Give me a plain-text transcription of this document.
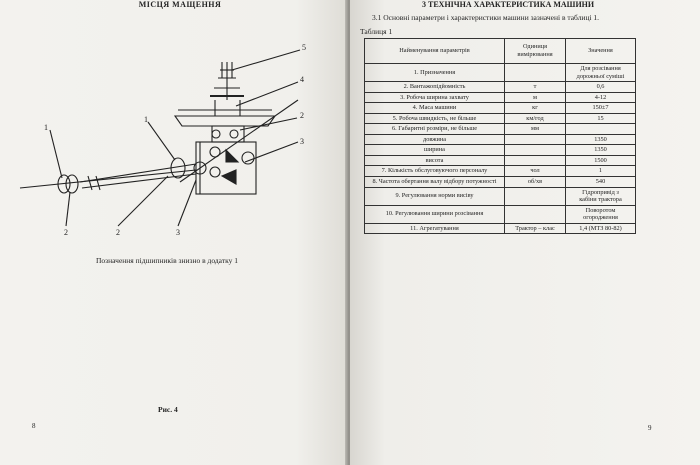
МІСЦЯ МАЩЕННЯ
5
4
2
3
1
1
2	2	3
Позначення підшипників знизно в додатку 1
Рис. 4
8
3 ТЕХНІЧНА ХАРАКТЕРИСТИКА МАШИНИ
3.1 Основні параметри і характеристики машини зазначені в таблиці 1.
Таблиця 1
Найменування параметрів	Одиниця вимірювання	Значення
1. Призначення		Для розсівання
дорожньої суміші

2. Вантажопідйомність	т	0,6

3. Робоча ширина захвату	м	4-12

4. Маса машини	кг	150±7

5. Робоча швидкість, не більше	км/год	15

6. Габаритні розміри, не більше	мм	

довжина		1350

ширина		1350

висота		1500

7. Кількість обслуговуючого персоналу	чол	1

8. Частота обертання валу відбору потужності	об/хв	540

9. Регулювання норми висіву		Гідропривід з
кабіни трактора

10. Регулювання ширини розсівання		Поворотом
огородження

11. Агрегатування	Трактор – клас	1,4 (МТЗ 80-82)
9
